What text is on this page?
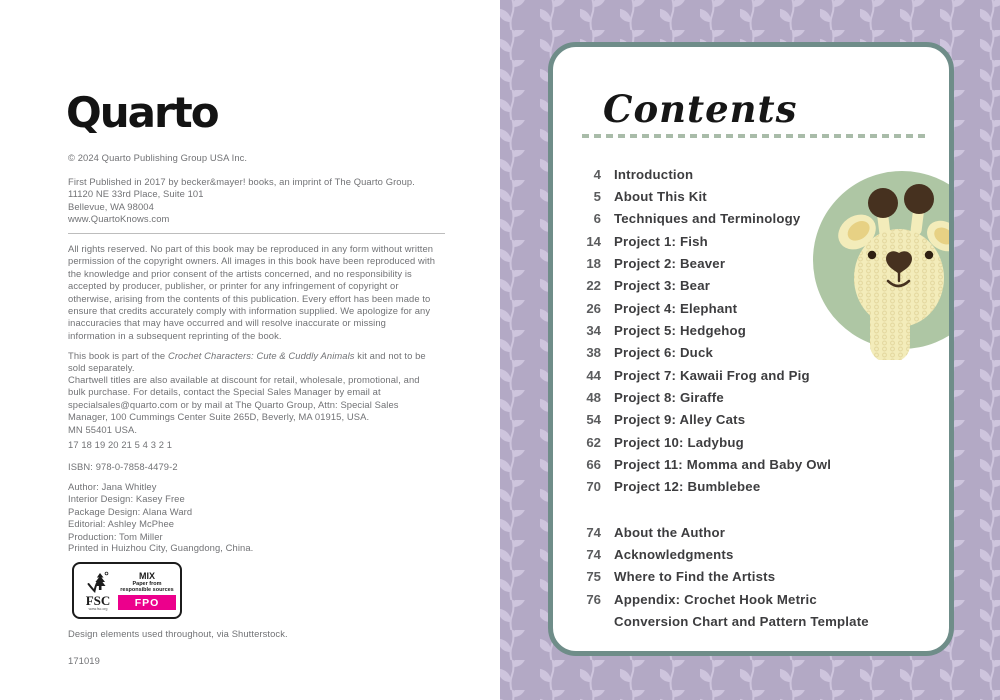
Quarto
© 2024 Quarto Publishing Group USA Inc.
First Published in 2017 by becker&mayer! books, an imprint of The Quarto Group.
11120 NE 33rd Place, Suite 101
Bellevue, WA 98004
www.QuartoKnows.com
All rights reserved. No part of this book may be reproduced in any form without written permission of the copyright owners. All images in this book have been reproduced with the knowledge and prior consent of the artists concerned, and no responsibility is accepted by producer, publisher, or printer for any infringement of copyright or otherwise, arising from the contents of this publication. Every effort has been made to ensure that credits accurately comply with information supplied. We apologize for any inaccuracies that may have occurred and will resolve inaccurate or missing information in a subsequent reprinting of the book.
This book is part of the Crochet Characters: Cute & Cuddly Animals kit and not to be sold separately.
Chartwell titles are also available at discount for retail, wholesale, promotional, and bulk purchase. For details, contact the Special Sales Manager by email at specialsales@quarto.com or by mail at The Quarto Group, Attn: Special Sales Manager, 100 Cummings Center Suite 265D, Beverly, MA 01915, USA.
MN 55401 USA.
17 18 19 20 21 5 4 3 2 1
ISBN: 978-0-7858-4479-2
Author: Jana Whitley
Interior Design: Kasey Free
Package Design: Alana Ward
Editorial: Ashley McPhee
Production: Tom Miller
Printed in Huizhou City, Guangdong, China.
FSC
www.fsc.org
MIX
Paper from
responsible sources
FPO
Design elements used throughout, via Shutterstock.
171019
Contents
4 Introduction
5 About This Kit
6 Techniques and Terminology
14 Project 1: Fish
18 Project 2: Beaver
22 Project 3: Bear
26 Project 4: Elephant
34 Project 5: Hedgehog
38 Project 6: Duck
44 Project 7: Kawaii Frog and Pig
48 Project 8: Giraffe
54 Project 9: Alley Cats
62 Project 10: Ladybug
66 Project 11: Momma and Baby Owl
70 Project 12: Bumblebee
74 About the Author
74 Acknowledgments
75 Where to Find the Artists
76 Appendix: Crochet Hook Metric
Conversion Chart and Pattern Template
